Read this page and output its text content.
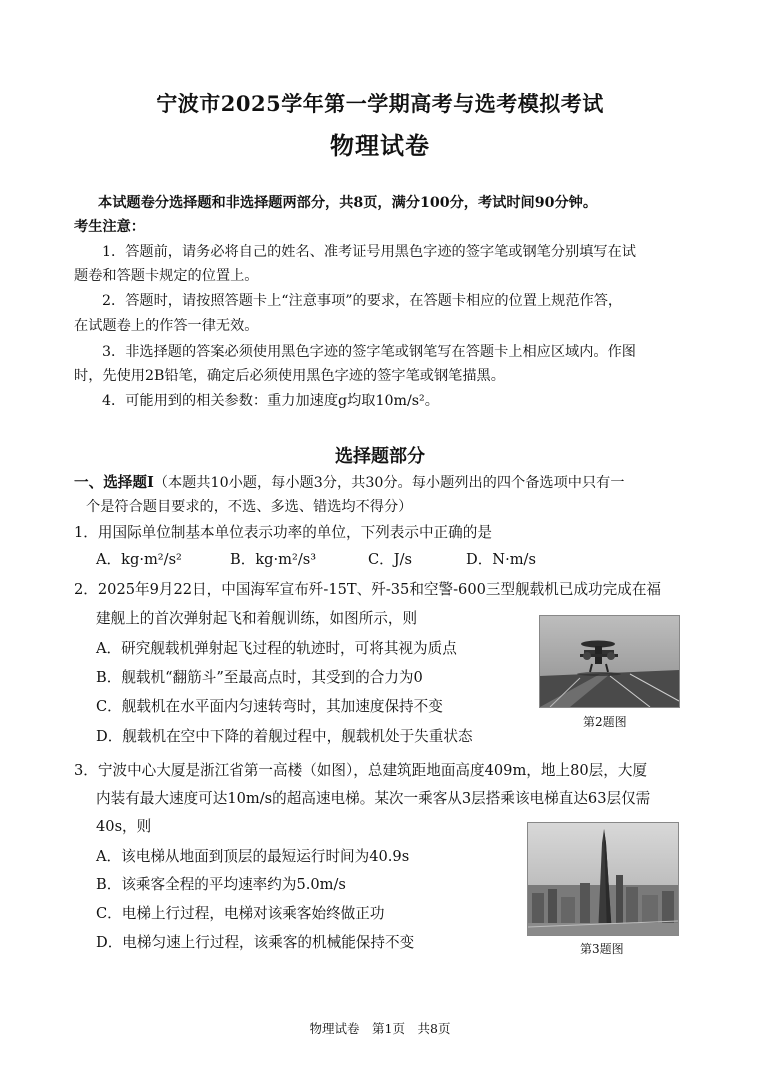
宁波市2025学年第一学期高考与选考模拟考试
物理试卷
本试题卷分选择题和非选择题两部分，共8页，满分100分，考试时间90分钟。
考生注意：
1．答题前，请务必将自己的姓名、准考证号用黑色字迹的签字笔或钢笔分别填写在试
题卷和答题卡规定的位置上。
2．答题时，请按照答题卡上“注意事项”的要求，在答题卡相应的位置上规范作答，
在试题卷上的作答一律无效。
3．非选择题的答案必须使用黑色字迹的签字笔或钢笔写在答题卡上相应区域内。作图
时，先使用2B铅笔，确定后必须使用黑色字迹的签字笔或钢笔描黑。
4．可能用到的相关参数：重力加速度g均取10m/s²。
选择题部分
一、选择题Ⅰ（本题共10小题，每小题3分，共30分。每小题列出的四个备选项中只有一
个是符合题目要求的，不选、多选、错选均不得分）
1．用国际单位制基本单位表示功率的单位，下列表示中正确的是
A．kg·m²/s²	B．kg·m²/s³	C．J/s	D．N·m/s
2．2025年9月22日，中国海军宣布歼-15T、歼-35和空警-600三型舰载机已成功完成在福
建舰上的首次弹射起飞和着舰训练，如图所示，则
A．研究舰载机弹射起飞过程的轨迹时，可将其视为质点
B．舰载机“翻筋斗”至最高点时，其受到的合力为0
C．舰载机在水平面内匀速转弯时，其加速度保持不变
D．舰载机在空中下降的着舰过程中，舰载机处于失重状态
第2题图
3．宁波中心大厦是浙江省第一高楼（如图），总建筑距地面高度409m，地上80层，大厦
内装有最大速度可达10m/s的超高速电梯。某次一乘客从3层搭乘该电梯直达63层仅需
40s，则
A．该电梯从地面到顶层的最短运行时间为40.9s
B．该乘客全程的平均速率约为5.0m/s
C．电梯上行过程，电梯对该乘客始终做正功
D．电梯匀速上行过程，该乘客的机械能保持不变	第3题图
物理试卷　第1页　共8页
